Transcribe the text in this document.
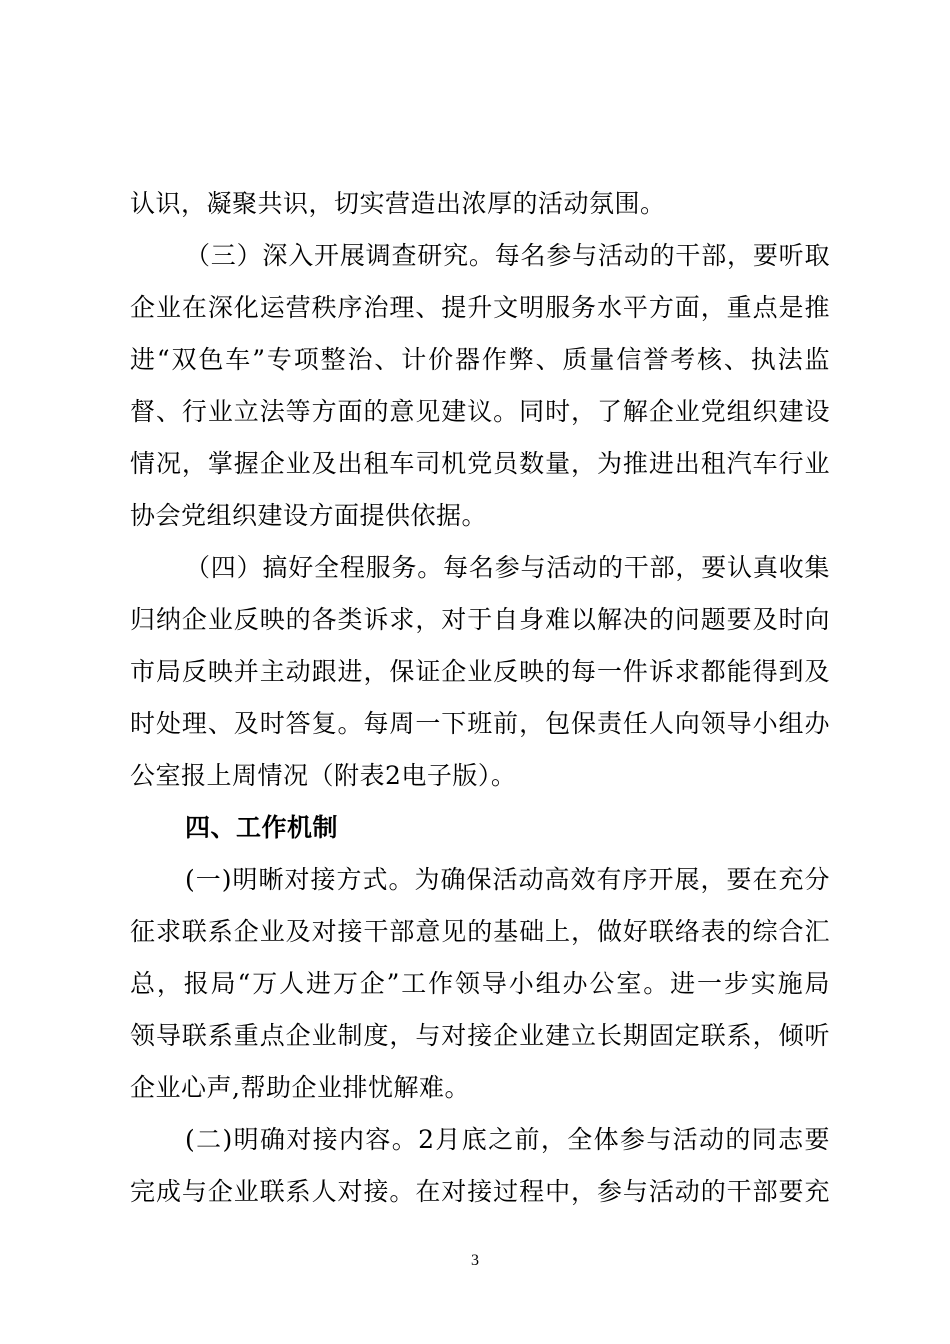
认识，凝聚共识，切实营造出浓厚的活动氛围。
（三）深入开展调查研究。每名参与活动的干部，要听取
企业在深化运营秩序治理、提升文明服务水平方面，重点是推
进“双色车”专项整治、计价器作弊、质量信誉考核、执法监
督、行业立法等方面的意见建议。同时，了解企业党组织建设
情况，掌握企业及出租车司机党员数量，为推进出租汽车行业
协会党组织建设方面提供依据。
（四）搞好全程服务。每名参与活动的干部，要认真收集
归纳企业反映的各类诉求，对于自身难以解决的问题要及时向
市局反映并主动跟进，保证企业反映的每一件诉求都能得到及
时处理、及时答复。每周一下班前，包保责任人向领导小组办
公室报上周情况（附表2电子版）。
四、工作机制
(一)明晰对接方式。为确保活动高效有序开展，要在充分
征求联系企业及对接干部意见的基础上，做好联络表的综合汇
总，报局“万人进万企”工作领导小组办公室。进一步实施局
领导联系重点企业制度，与对接企业建立长期固定联系，倾听
企业心声,帮助企业排忧解难。
(二)明确对接内容。2月底之前，全体参与活动的同志要
完成与企业联系人对接。在对接过程中，参与活动的干部要充
3
